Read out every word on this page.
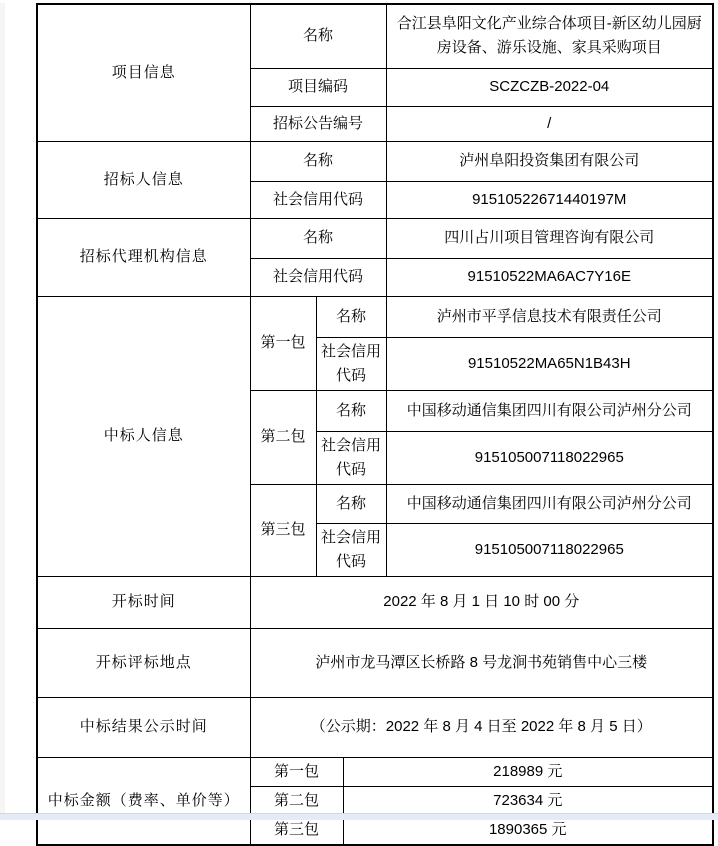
项目信息	名称			合江县阜阳文化产业综合体项目-新区幼儿园厨房设备、游乐设施、家具采购项目
	项目编码			SCZCZB-2022-04
	招标公告编号			/
招标人信息	名称			泸州阜阳投资集团有限公司
	社会信用代码			91510522671440197M
招标代理机构信息	名称			四川占川项目管理咨询有限公司
	社会信用代码			91510522MA6AC7Y16E
中标人信息	第一包	名称		泸州市平孚信息技术有限责任公司
		社会信用代码		91510522MA65N1B43H
	第二包	名称		中国移动通信集团四川有限公司泸州分公司
		社会信用代码		915105007118022965
	第三包	名称		中国移动通信集团四川有限公司泸州分公司
		社会信用代码		915105007118022965
开标时间	2022 年 8 月 1 日 10 时 00 分			
开标评标地点	泸州市龙马潭区长桥路 8 号龙涧书苑销售中心三楼			
中标结果公示时间	（公示期：2022 年 8 月 4 日至 2022 年 8 月 5 日）			
中标金额（费率、单价等）	第一包		218989 元	
	第二包		723634 元	
	第三包		1890365 元	
